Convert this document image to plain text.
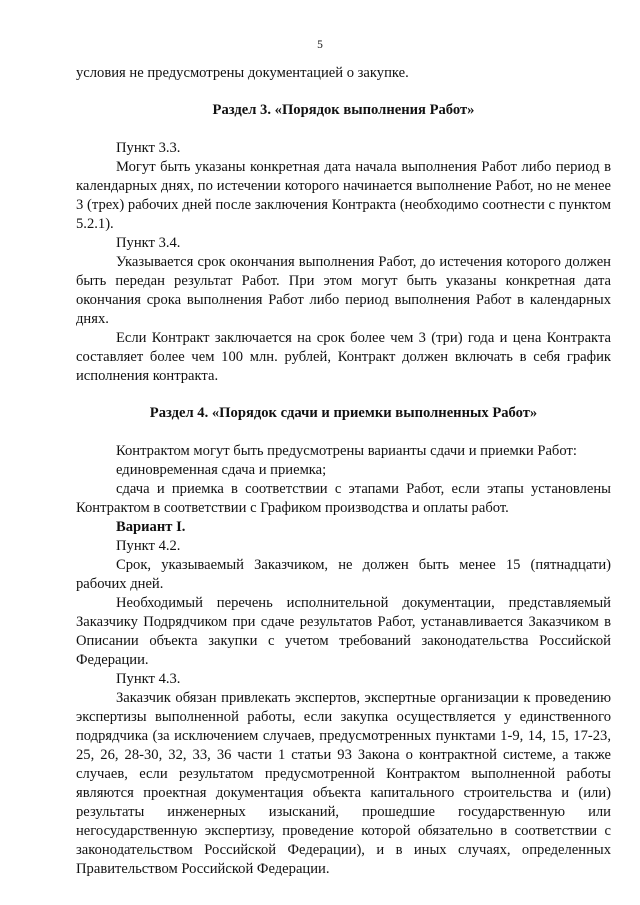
5

условия не предусмотрены документацией о закупке.

Раздел 3. «Порядок выполнения Работ»

Пункт 3.3.

Могут быть указаны конкретная дата начала выполнения Работ либо период в календарных днях, по истечении которого начинается выполнение Работ, но не менее 3 (трех) рабочих дней после заключения Контракта (необходимо соотнести с пунктом 5.2.1).

Пункт 3.4.

Указывается срок окончания выполнения Работ, до истечения которого должен быть передан результат Работ. При этом могут быть указаны конкретная дата окончания срока выполнения Работ либо период выполнения Работ в календарных днях.

Если Контракт заключается на срок более чем 3 (три) года и цена Контракта составляет более чем 100 млн. рублей, Контракт должен включать в себя график исполнения контракта.

Раздел 4. «Порядок сдачи и приемки выполненных Работ»

Контрактом могут быть предусмотрены варианты сдачи и приемки Работ:

единовременная сдача и приемка;

сдача и приемка в соответствии с этапами Работ, если этапы установлены Контрактом в соответствии с Графиком производства и оплаты работ.

Вариант I.

Пункт 4.2.

Срок, указываемый Заказчиком, не должен быть менее 15 (пятнадцати) рабочих дней.

Необходимый перечень исполнительной документации, представляемый Заказчику Подрядчиком при сдаче результатов Работ, устанавливается Заказчиком в Описании объекта закупки с учетом требований законодательства Российской Федерации.

Пункт 4.3.

Заказчик обязан привлекать экспертов, экспертные организации к проведению экспертизы выполненной работы, если закупка осуществляется у единственного подрядчика (за исключением случаев, предусмотренных пунктами 1-9, 14, 15, 17-23, 25, 26, 28-30, 32, 33, 36 части 1 статьи 93 Закона о контрактной системе, а также случаев, если результатом предусмотренной Контрактом выполненной работы являются проектная документация объекта капитального строительства и (или) результаты инженерных изысканий, прошедшие государственную или негосударственную экспертизу, проведение которой обязательно в соответствии с законодательством Российской Федерации), и в иных случаях, определенных Правительством Российской Федерации.
